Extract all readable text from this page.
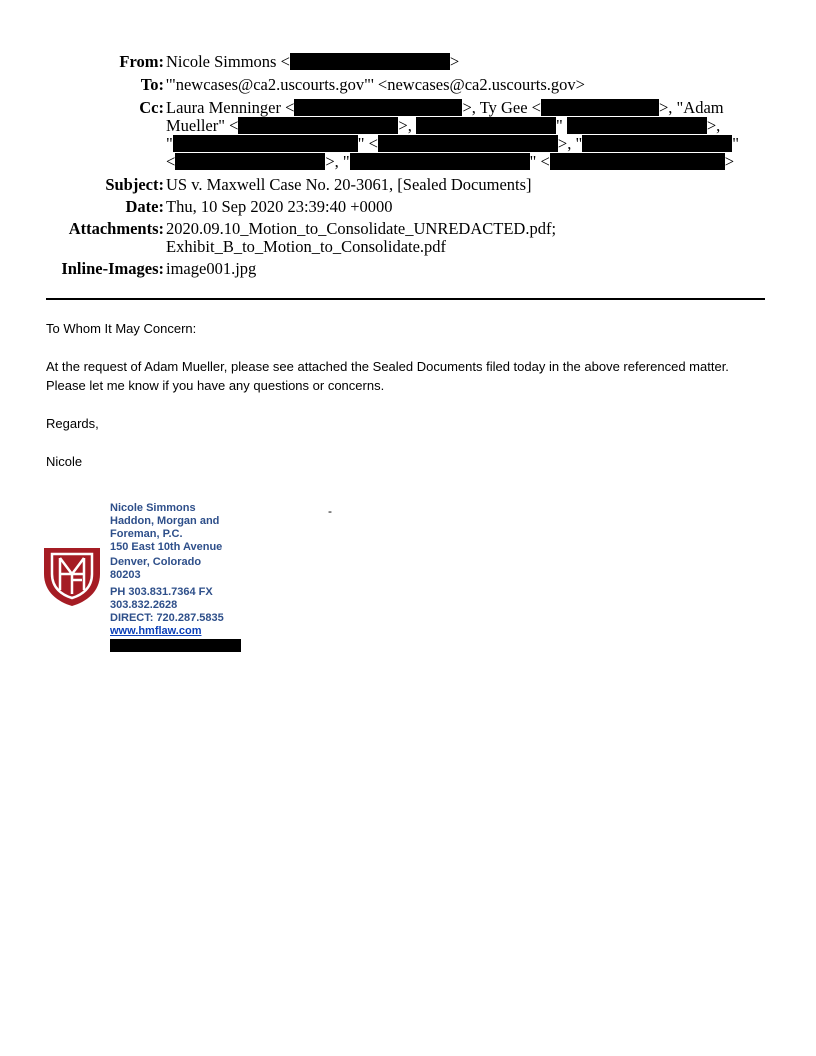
From: Nicole Simmons <	>
To: '"newcases@ca2.uscourts.gov"' <newcases@ca2.uscourts.gov>
Cc: Laura Menninger <	>, Ty Gee <	>, "Adam
Mueller" <	>,	"	>,
"	" <	>, "	"
<	>, "	" <	>
Subject: US v. Maxwell Case No. 20-3061, [Sealed Documents]
Date: Thu, 10 Sep 2020 23:39:40 +0000
Attachments: 2020.09.10_Motion_to_Consolidate_UNREDACTED.pdf;
Exhibit_B_to_Motion_to_Consolidate.pdf
Inline-Images: image001.jpg

To Whom It May Concern:

At the request of Adam Mueller, please see attached the Sealed Documents filed today in the above referenced matter.

Please let me know if you have any questions or concerns.

Regards,

Nicole

-
Nicole Simmons
Haddon, Morgan and
Foreman, P.C.
150 East 10th Avenue
Denver, Colorado
80203
PH 303.831.7364 FX
303.832.2628
DIRECT: 720.287.5835
www.hmflaw.com
